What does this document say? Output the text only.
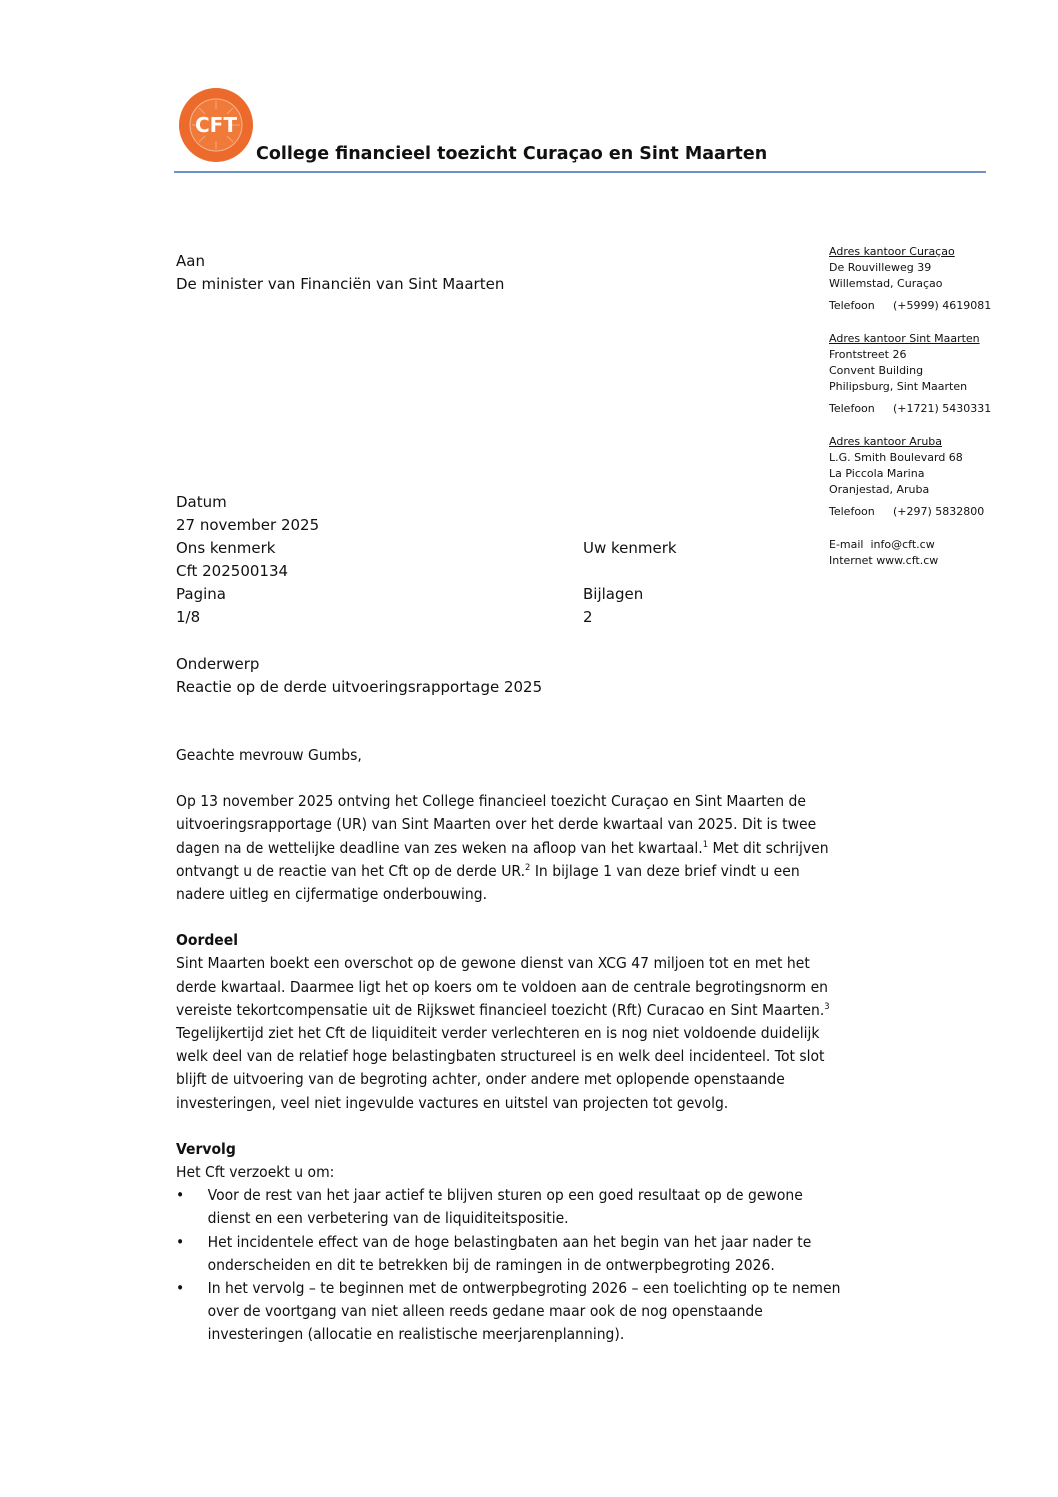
CFT
College financieel toezicht Curaçao en Sint Maarten
Aan
De minister van Financiën van Sint Maarten
Datum
27 november 2025
Ons kenmerk	Uw kenmerk
Cft 202500134
Pagina	Bijlagen
1/8	2
Onderwerp
Reactie op de derde uitvoeringsrapportage 2025
Adres kantoor Curaçao
De Rouvilleweg 39
Willemstad, Curaçao
Telefoon (+5999) 4619081
Adres kantoor Sint Maarten
Frontstreet 26
Convent Building
Philipsburg, Sint Maarten
Telefoon (+1721) 5430331
Adres kantoor Aruba
L.G. Smith Boulevard 68
La Piccola Marina
Oranjestad, Aruba
Telefoon (+297) 5832800
E-mail info@cft.cw
Internet www.cft.cw

Geachte mevrouw Gumbs,

Op 13 november 2025 ontving het College financieel toezicht Curaçao en Sint Maarten de uitvoeringsrapportage (UR) van Sint Maarten over het derde kwartaal van 2025. Dit is twee dagen na de wettelijke deadline van zes weken na afloop van het kwartaal.$^1$ Met dit schrijven ontvangt u de reactie van het Cft op de derde UR.$^2$ In bijlage 1 van deze brief vindt u een nadere uitleg en cijfermatige onderbouwing.

Oordeel

Sint Maarten boekt een overschot op de gewone dienst van XCG 47 miljoen tot en met het derde kwartaal. Daarmee ligt het op koers om te voldoen aan de centrale begrotingsnorm en vereiste tekortcompensatie uit de Rijkswet financieel toezicht (Rft) Curacao en Sint Maarten.$^3$ Tegelijkertijd ziet het Cft de liquiditeit verder verlechteren en is nog niet voldoende duidelijk welk deel van de relatief hoge belastingbaten structureel is en welk deel incidenteel. Tot slot blijft de uitvoering van de begroting achter, onder andere met oplopende openstaande investeringen, veel niet ingevulde vactures en uitstel van projecten tot gevolg.

Vervolg

Het Cft verzoekt u om:

• Voor de rest van het jaar actief te blijven sturen op een goed resultaat op de gewone dienst en een verbetering van de liquiditeitspositie.
• Het incidentele effect van de hoge belastingbaten aan het begin van het jaar nader te onderscheiden en dit te betrekken bij de ramingen in de ontwerpbegroting 2026.
• In het vervolg – te beginnen met de ontwerpbegroting 2026 – een toelichting op te nemen over de voortgang van niet alleen reeds gedane maar ook de nog openstaande investeringen (allocatie en realistische meerjarenplanning).
